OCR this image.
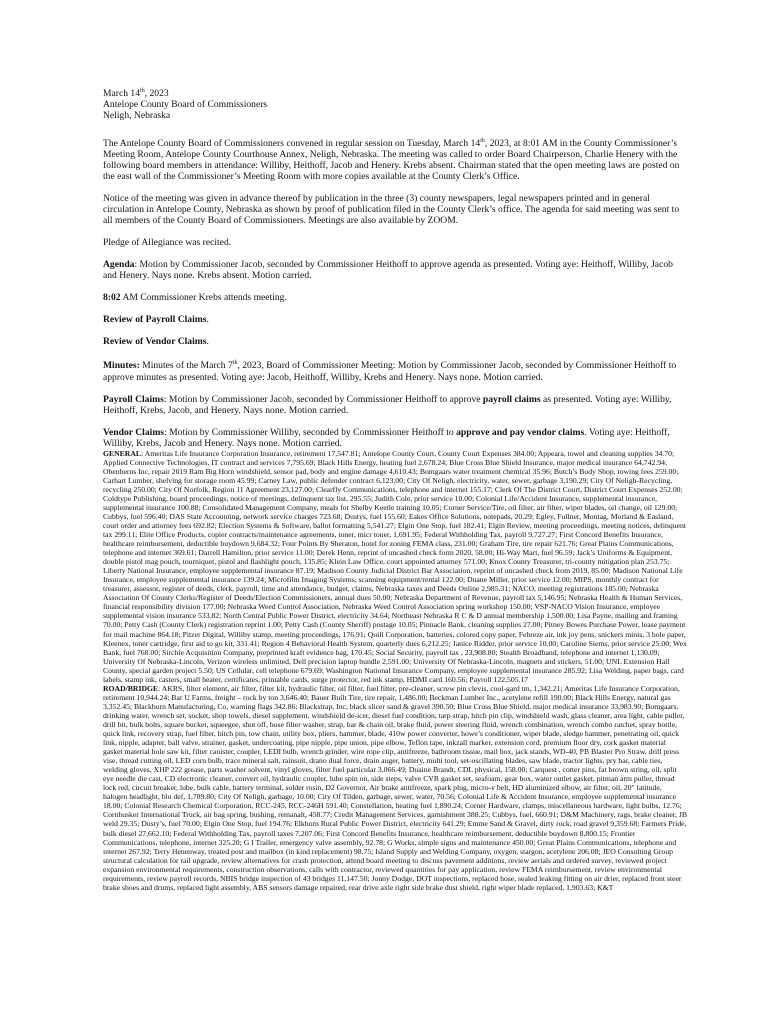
March 14th, 2023
Antelope County Board of Commissioners
Neligh, Nebraska

The Antelope County Board of Commissioners convened in regular session on Tuesday, March 14th, 2023, at 8:01 AM in the County Commissioner’s Meeting Room, Antelope County Courthouse Annex, Neligh, Nebraska. The meeting was called to order Board Chairperson, Charlie Henery with the following board members in attendance: Williby, Heithoff, Jacob and Henery. Krebs absent. Chairman stated that the open meeting laws are posted on the east wall of the Commissioner’s Meeting Room with more copies available at the County Clerk’s Office.

Notice of the meeting was given in advance thereof by publication in the three (3) county newspapers, legal newspapers printed and in general circulation in Antelope County, Nebraska as shown by proof of publication filed in the County Clerk’s office. The agenda for said meeting was sent to all members of the County Board of Commissioners. Meetings are also available by ZOOM.

Pledge of Allegiance was recited.

Agenda: Motion by Commissioner Jacob, seconded by Commissioner Heithoff to approve agenda as presented. Voting aye: Heithoff, Williby, Jacob and Henery. Nays none. Krebs absent. Motion carried.

8:02 AM Commissioner Krebs attends meeting.

Review of Payroll Claims.

Review of Vendor Claims.

Minutes: Minutes of the March 7th, 2023, Board of Commissioner Meeting: Motion by Commissioner Jacob, seconded by Commissioner Heithoff to approve minutes as presented. Voting aye: Jacob, Heithoff, Williby, Krebs and Henery. Nays none. Motion carried.

Payroll Claims: Motion by Commissioner Jacob, seconded by Commissioner Heithoff to approve payroll claims as presented. Voting aye: Williby, Heithoff, Krebs, Jacob, and Henery. Nays none. Motion carried.

Vendor Claims: Motion by Commissioner Williby, seconded by Commissioner Heithoff to approve and pay vendor claims. Voting aye: Heithoff, Williby, Krebs, Jacob and Henery. Nays none. Motion carried.

GENERAL: Ameritas Life Insurance Corporation Insurance, retirement 17,547.81; Antelope County Court, County Court Expenses 384.00; Appeara, towel and cleaning supplies 34.70; Applied Connective Technologies, IT contract and services 7,795.69; Black Hills Energy, heating fuel 2,678.24; Blue Cross Blue Shield Insurance, major medical insurance 64,742.94; Obenberns Inc, repair 2019 Ram Big Horn windshield, sensor pad, body and engine damage 4,610.43; Bomgaars water treatment chemical 35.96; Butch’s Body Shop, towing fees 259.00; Carhart Lumber, shelving for storage room 45.99; Carney Law, public defender contract 6,123.00; City Of Neligh, electricity, water, sewer, garbage 3,190.29; City Of Neligh-Recycling, recycling 250.00; City Of Norfolk, Region 11 Agreement 23,127.00; Clearfly Communications, telephone and internet 155.17; Clerk Of The District Court, District Court Expenses 252.00; Coldtype Publishing, board proceedings, notice of meetings, delinquent tax list, 295.55; Judith Cole, prior service 10.00; Colonial Life/Accident Insurance, supplemental insurance, supplemental insurance 100.88; Consolidated Management Company, meals for Shelby Keetle training 10.05; Corner Service/Tire, oil filter, air filter, wiper blades, oil change, oil 129.00; Cubbys, fuel 596.40; DAS State Accounting, network service charges 723.68; Dustys, fuel 155.60; Eakes Office Solutions, notepads, 20.29; Egley, Fullner, Montag, Morland & Easland, court order and attorney fees 692.82; Election Systems & Software, ballot formatting 5,541.27; Elgin One Stop, fuel 182.41; Elgin Review, meeting proceedings, meeting notices, delinquent tax 299.11; Elite Office Products, copier contracts/maintenance agreements, toner, micr toner, 1,691.95; Federal Withholding Tax, payroll 9,727.27; First Concord Benefits Insurance, healthcare reimbursement, deductible buydown 9,684.32; Four Points By Sheraton, hotel for zoning FEMA class, 231.00; Graham Tire, tire repair 621.76; Great Plains Communications, telephone and internet 369.61; Darrell Hamilton, prior service 11.00; Derek Henn, reprint of uncashed check form 2020, 58.00; Hi-Way Mart, fuel 96.59; Jack’s Uniforms & Equipment, double pistol mag pouch, tourniquet, pistol and flashlight pouch, 135.85; Klein Law Office, court appointed attorney 571.00; Knox County Treasurer, tri-county mitigation plan 253.75; Liberty National Insurance, employee supplemental insurance 87.19; Madison County Judicial District Bar Association, reprint of uncashed check from 2019, 85.00; Madison National Life Insurance, employee supplemental insurance 139.24; Microfilm Imaging Systems, scanning equipment/rental 122.00; Duane Miller, prior service 12.00; MIPS, monthly contract for treasurer, assessor, register of deeds, clerk, payroll, time and attendance, budget, claims, Nebraska taxes and Deeds Online 2,985.31; NACO, meeting registrations 185.00; Nebraska Association Of County Clerks/Register of Deeds/Election Commissioners, annual dues 50.00; Nebraska Department of Revenue, payroll tax 5,146.95; Nebraska Health & Human Services, financial responsibility division 177.00; Nebraska Weed Control Association, Nebraska Weed Control Association spring workshop 150.00; VSP-NACO Vision Insurance, employee supplemental vision insurance 533.82; North Central Public Power District, electricity 34.64; Northeast Nebraska R C & D annual membership 1,500.00; Lisa Payne, mailing and framing 70.00; Petty Cash (County Clerk) registration reprint 1.00; Petty Cash (County Sheriff) postage 10.05; Pinnacle Bank, cleaning supplies 27.00; Pitney Bowes Purchase Power, lease payment for mail machine 864.18; Pitzer Digital, Williby stamp, meeting proceedings, 176.91; Quill Corporation, batteries, colored copy paper, Febreze air, ink joy pens, snickers minis, 3 hole paper, Kleenex, toner cartridge, first aid to go kit, 331.41; Region 4 Behavioral Health System, quarterly dues 6,212.25; Janice Ridder, prior service 10.00; Caroline Siems, prior service 25.00; Wex Bank, fuel 768.00; Sirchie Acquisition Company, preprinted kraft evidence bag, 170.45; Social Security, payroll tax , 23,908.80; Stealth Broadband, telephone and internet 1,130.09; University Of Nebraska-Lincoln, Verizon wireless unlimited, Dell precision laptop bundle 2,591.00; University Of Nebraska-Lincoln, magnets and stickers, 51.00; UNL Extension Hall County, special garden project 5.50; US Cellular, cell telephone 679.69; Washington National Insurance Company, employee supplemental insurance 285.92; Lisa Welding, paper bags, card labels, stamp ink, casters, small heater, certificates, printable cards, surge protector, red ink stamp, HDMI card 160.56; Payroll 122,505.17

ROAD/BRIDGE: AKRS, filter element, air filter, filter kit, hydraulic filter, oil filter, fuel filter, pre-cleaner, screw pin clevis, cool-gard tm, 1,342.21; Ameritas Life Insurance Corporation, retirement 10,944.24; Bar U Farms, freight – rock by ton 3,646.40; Bauer Built Tire, tire repair, 1,486.00; Beckman Lumber Inc., acetylene refill 190.00; Black Hills Energy, natural gas 3,352.45; Blackburn Manufacturing, Co, warning flags 342.86; Blackstrap, Inc, black slicer sand & gravel 390.50; Blue Cross Blue Shield, major medical insurance 33,983.90; Bomgaars, drinking water, wrench set, socket, shop towels, diesel supplement, windshield de-icer, diesel fuel condition, tarp strap, hitch pin clip, windshield wash, glass cleaner, area light, cable puller, drill bit, bulk bolts, square bucket, squeegee, shut off, hose filter washer, strap, bar & chain oil, brake fluid, power steering fluid, wrench combination, wrench combo ratchet, spray bottle, quick link, recovery strap, fuel filter, hitch pin, tow chain, utility box, pliers, hammer, blade, 410w power converter, howe’s conditioner, wiper blade, sledge hammer, penetrating oil, quick link, nipple, adapter, ball valve, strainer, gasket, undercoating, pipe nipple, pipe union, pipe elbow, Teflon tape, inkzall marker, extension cord, premium floor dry, cork gasket material gasket material hole saw kit, filter canister, coupler, LEDI bulb, wrench grinder, wire rope clip, antifreeze, bathroom tissue, mail box, jack stands, WD-40, PB Blaster Pro Straw, drill press vise, thread cutting oil, LED corn bulb, trace mineral salt, rainsuit, drano dual force, drain auger, battery, multi tool, set-oscillating blades, saw blade, tractor lights, pry bar, cable ties, welding gloves, XHP 222 grease, parts washer solvent, vinyl gloves, filter fuel particular 3,066.49; Duaine Brandt, CDL physical, 158.00; Carquest , cotter pins, fat brown string, oil, split eye needle die cast, CD electronic cleaner, convert oil, hydraulic coupler, lube spin on, side steps, valve CVR gasket set, seafoam, gear box, water outlet gasket, pitman arm puller, thread lock red, circuit breaker, lube, bulk cable, battery terminal, solder rosin, D2 Governor, Air brake antifreeze, spark plug, micro-v belt, HD aluminized elbow, air filter, oil, 20" latitude, halogen headlight, blu def, 1,789.80; City Of Neligh, garbage, 10.00; City Of Tilden, garbage, sewer, water, 70.56; Colonial Life & Accident Insurance, employee supplemental insurance 18.00; Colonial Research Chemical Corporation, RCC-245, RCC-246H 591.40; Constellation, heating fuel 1,890.24; Corner Hardware, clamps, miscellaneous hardware, light bulbs, 12.76; Cornhusker International Truck, air bag spring, bushing, remanalt, 458.77; Credit Management Services, garnishment 388.25; Cubbys, fuel, 660.91; D&M Machinery, rags, brake cleaner, JB weld 29.35; Dusty’s, fuel 70.00; Elgin One Stop, fuel 194.76; Elkhorn Rural Public Power District, electricity 641.29; Emme Sand & Gravel, dirty rock, road gravel 9,359.68; Farmers Pride, bulk diesel 27,662.10; Federal Withholding Tax, payroll taxes 7,207.06; First Concord Benefits Insurance, healthcare reimbursement, deductible buydown 8,800.15; Frontier Communications, telephone, internet 325.20; G I Trailer, emergency valve assembly, 92.78; G Works, simple signs and maintenance 450.00; Great Plains Communications, telephone and internet 267.92; Terry Henenway, treated post and mailbox (in kind replacement) 98.75; Island Supply and Welding Company, oxygen, stargon, acetylene 206.08; JEO Consulting Group structural calculation for rail upgrade, review alternatives for crash protection, attend board meeting to discuss pavement additions, review aerials and ordered survey, reviewed project expansion environmental requirements, construction observations, calls with contractor, reviewed quantities for pay application, review FEMA reimbursement, review environmental requirements, review payroll records, NBIS bridge inspection of 43 bridges 11,147.50; Jonny Dodge, DOT inspections, replaced hose, sealed leaking fitting on air drier, replaced front steer brake shoes and drums, replaced light assembly, ABS sensors damage repaired, rear drive axle right side brake dust shield, right wiper blade replaced, 1,903.63; K&T
